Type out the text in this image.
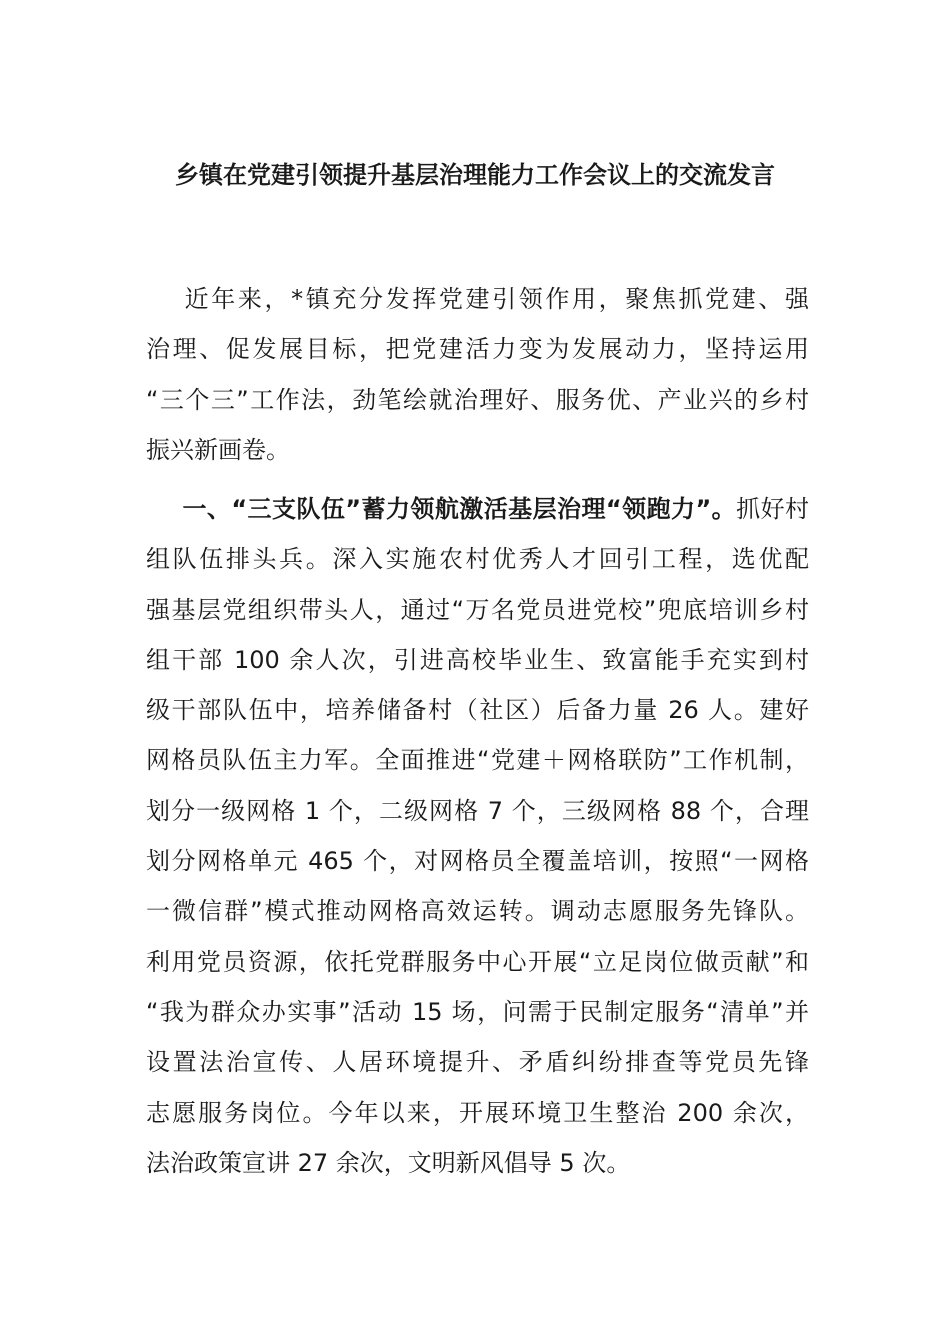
乡镇在党建引领提升基层治理能力工作会议上的交流发言
近年来，*镇充分发挥党建引领作用，聚焦抓党建、强
治理、促发展目标，把党建活力变为发展动力，坚持运用
“三个三”工作法，劲笔绘就治理好、服务优、产业兴的乡村
振兴新画卷。
一、“三支队伍”蓄力领航激活基层治理“领跑力”。抓好村
组队伍排头兵。深入实施农村优秀人才回引工程，选优配
强基层党组织带头人，通过“万名党员进党校”兜底培训乡村
组干部 100 余人次，引进高校毕业生、致富能手充实到村
级干部队伍中，培养储备村（社区）后备力量 26 人。建好
网格员队伍主力军。全面推进“党建＋网格联防”工作机制，
划分一级网格 1 个，二级网格 7 个，三级网格 88 个，合理
划分网格单元 465 个，对网格员全覆盖培训，按照“一网格
一微信群”模式推动网格高效运转。调动志愿服务先锋队。
利用党员资源，依托党群服务中心开展“立足岗位做贡献”和
“我为群众办实事”活动 15 场，问需于民制定服务“清单”并
设置法治宣传、人居环境提升、矛盾纠纷排查等党员先锋
志愿服务岗位。今年以来，开展环境卫生整治 200 余次，
法治政策宣讲 27 余次，文明新风倡导 5 次。
